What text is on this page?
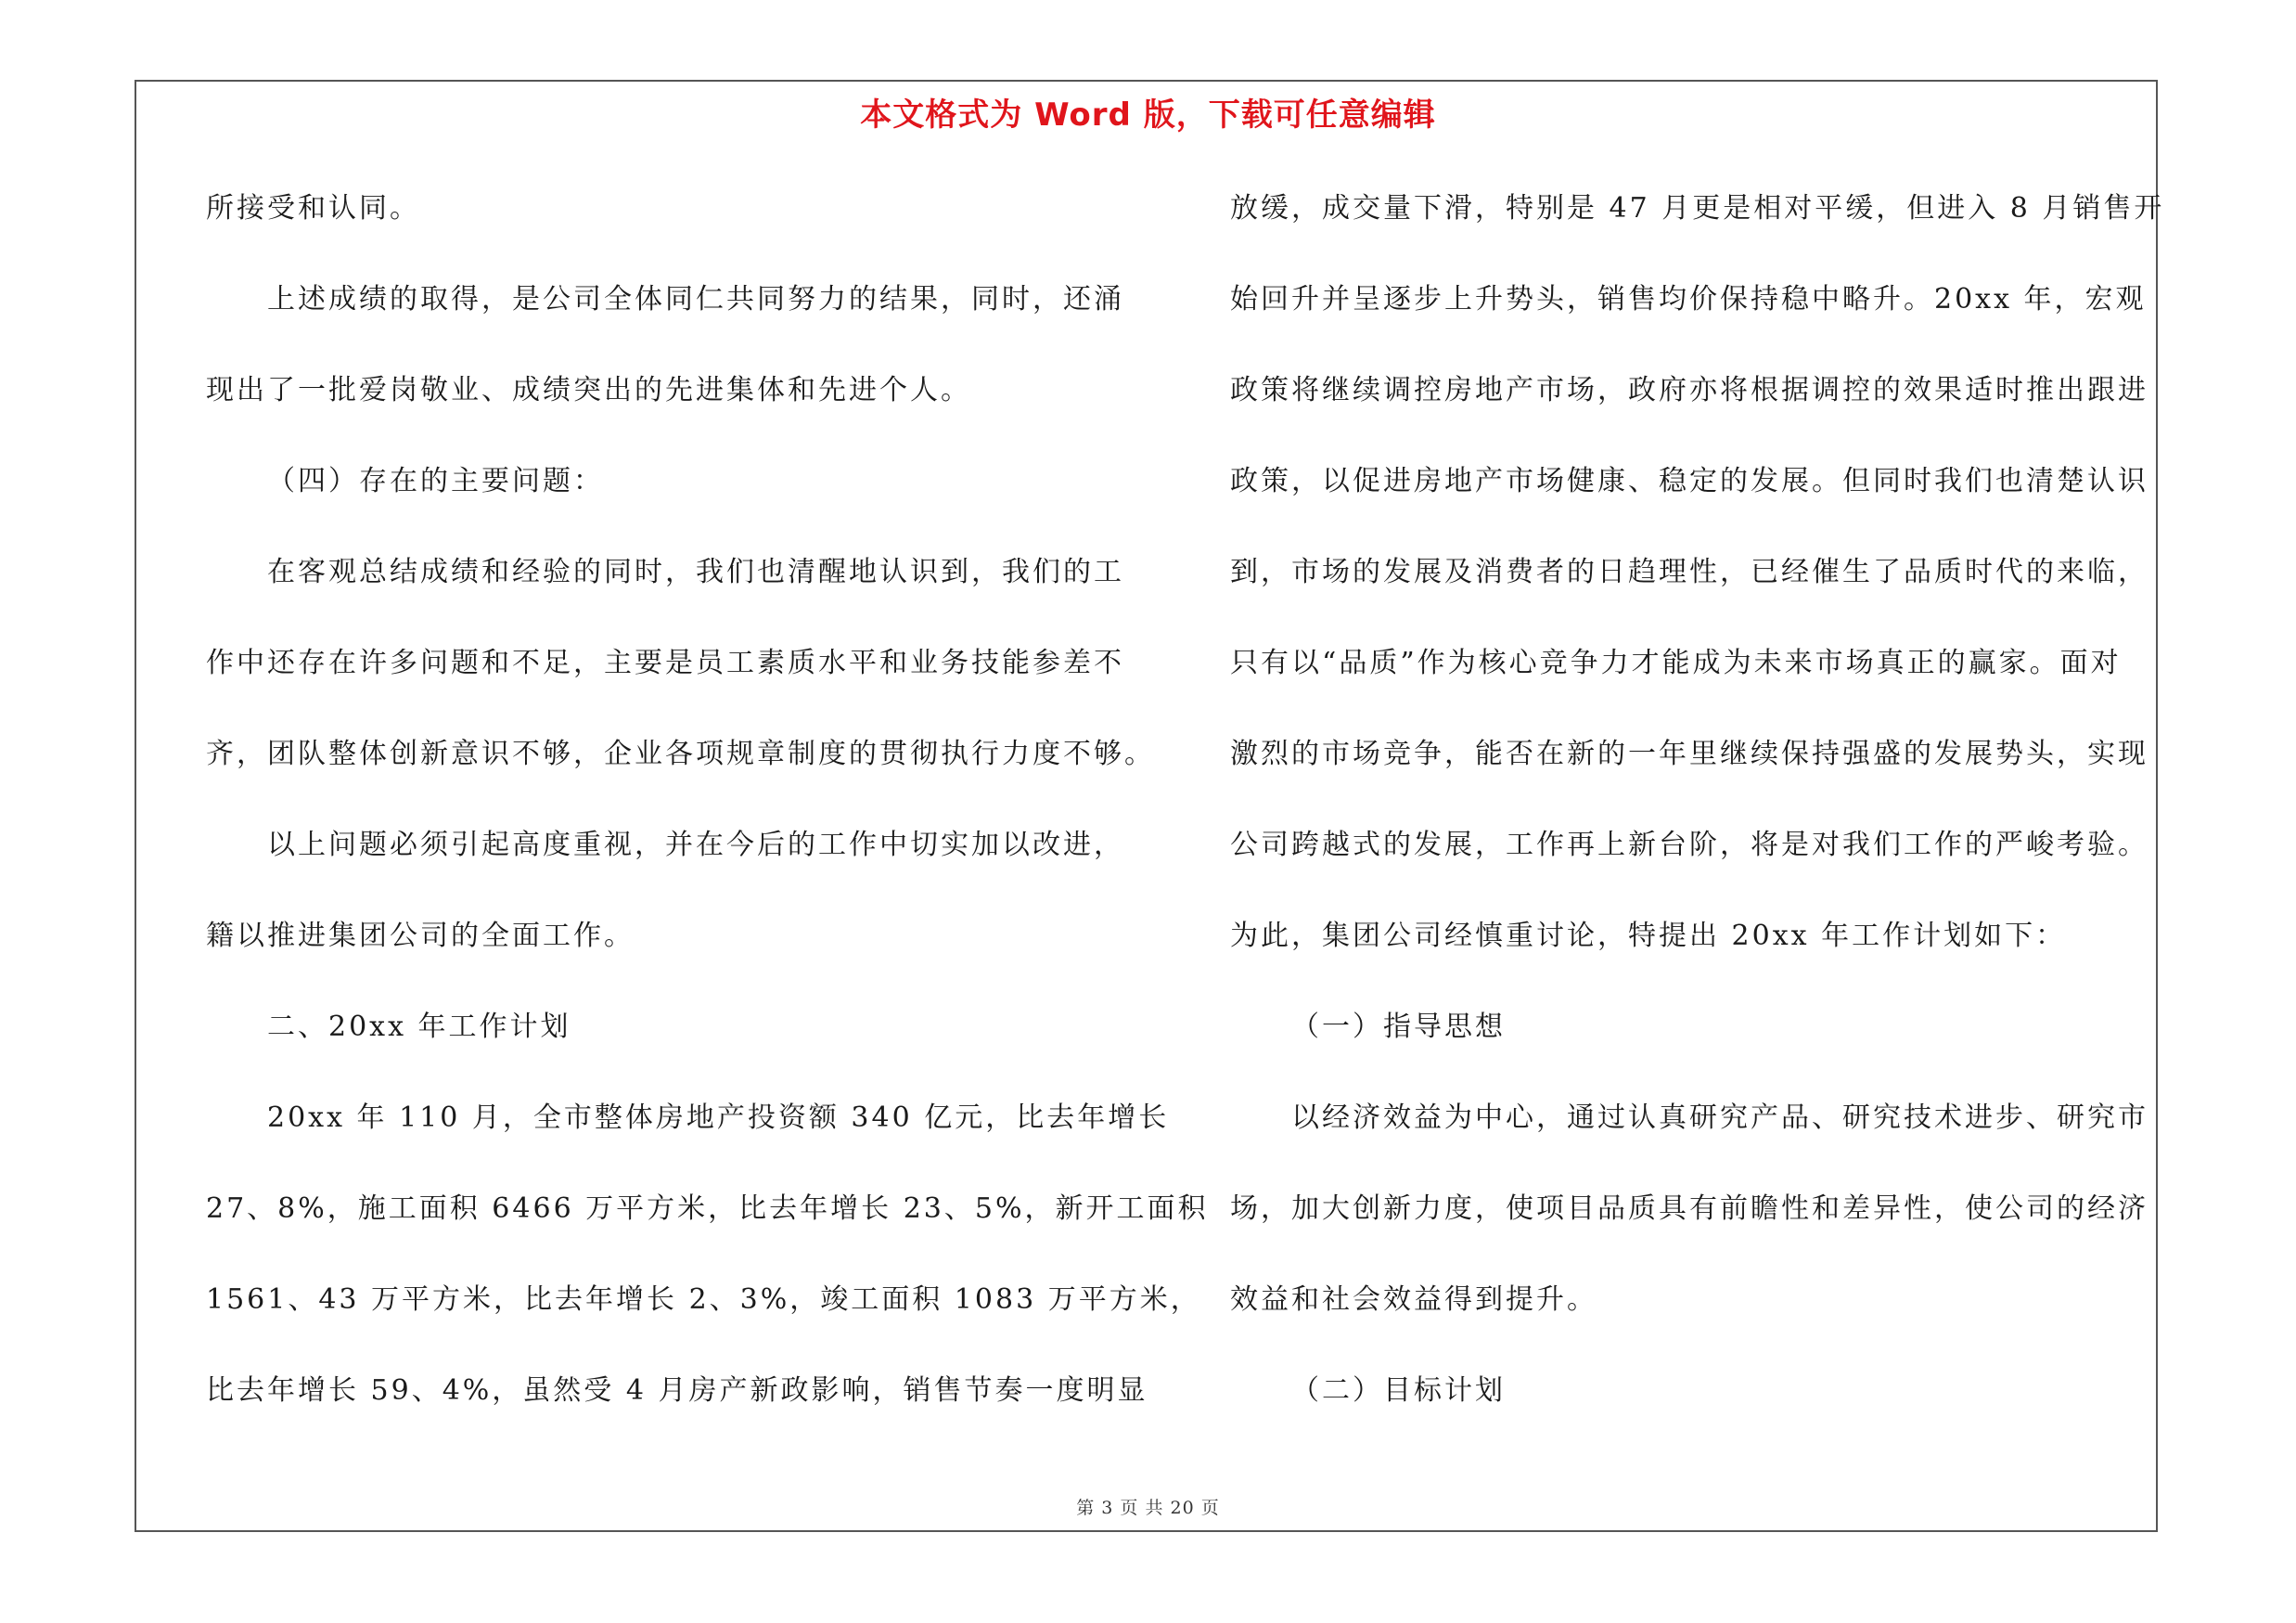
本文格式为 Word 版，下载可任意编辑
所接受和认同。
上述成绩的取得，是公司全体同仁共同努力的结果，同时，还涌
现出了一批爱岗敬业、成绩突出的先进集体和先进个人。
（四）存在的主要问题：
在客观总结成绩和经验的同时，我们也清醒地认识到，我们的工
作中还存在许多问题和不足，主要是员工素质水平和业务技能参差不
齐，团队整体创新意识不够，企业各项规章制度的贯彻执行力度不够。
以上问题必须引起高度重视，并在今后的工作中切实加以改进，
籍以推进集团公司的全面工作。
二、20xx 年工作计划
20xx 年 110 月，全市整体房地产投资额 340 亿元，比去年增长
27、8%，施工面积 6466 万平方米，比去年增长 23、5%，新开工面积
1561、43 万平方米，比去年增长 2、3%，竣工面积 1083 万平方米，
比去年增长 59、4%，虽然受 4 月房产新政影响，销售节奏一度明显
放缓，成交量下滑，特别是 47 月更是相对平缓，但进入 8 月销售开
始回升并呈逐步上升势头，销售均价保持稳中略升。20xx 年，宏观
政策将继续调控房地产市场，政府亦将根据调控的效果适时推出跟进
政策，以促进房地产市场健康、稳定的发展。但同时我们也清楚认识
到，市场的发展及消费者的日趋理性，已经催生了品质时代的来临，
只有以“品质”作为核心竞争力才能成为未来市场真正的赢家。面对
激烈的市场竞争，能否在新的一年里继续保持强盛的发展势头，实现
公司跨越式的发展，工作再上新台阶，将是对我们工作的严峻考验。
为此，集团公司经慎重讨论，特提出 20xx 年工作计划如下：
（一）指导思想
以经济效益为中心，通过认真研究产品、研究技术进步、研究市
场，加大创新力度，使项目品质具有前瞻性和差异性，使公司的经济
效益和社会效益得到提升。
（二）目标计划
第 3 页 共 20 页
